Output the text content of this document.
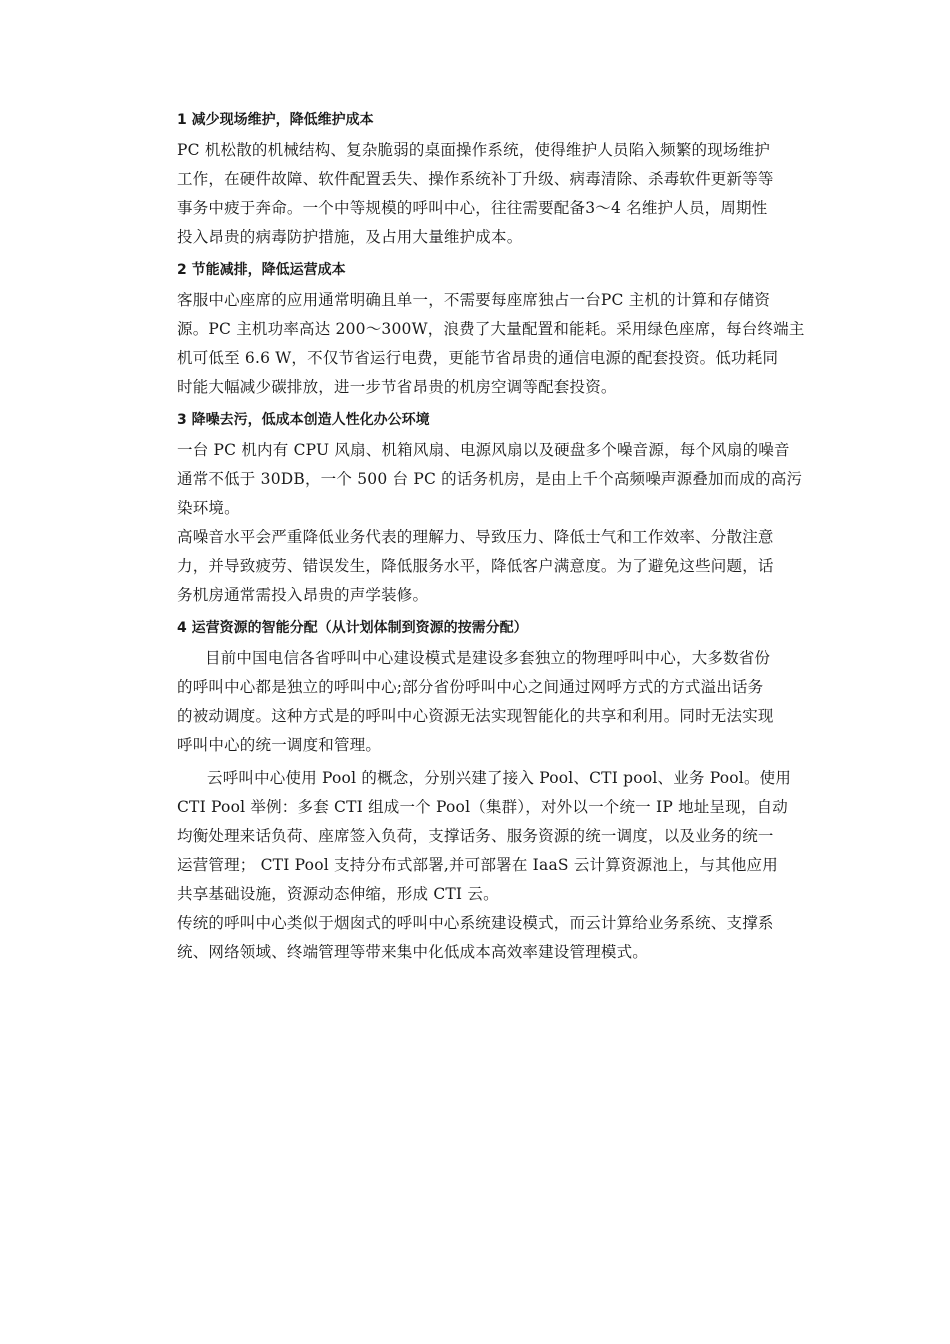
1 减少现场维护，降低维护成本
PC 机松散的机械结构、复杂脆弱的桌面操作系统，使得维护人员陷入频繁的现场维护
工作，在硬件故障、软件配置丢失、操作系统补丁升级、病毒清除、杀毒软件更新等等
事务中疲于奔命。一个中等规模的呼叫中心，往往需要配备3～4 名维护人员，周期性
投入昂贵的病毒防护措施，及占用大量维护成本。
2 节能减排，降低运营成本
客服中心座席的应用通常明确且单一，不需要每座席独占一台PC 主机的计算和存储资
源。PC 主机功率高达 200～300W，浪费了大量配置和能耗。采用绿色座席，每台终端主
机可低至 6.6 W，不仅节省运行电费，更能节省昂贵的通信电源的配套投资。低功耗同
时能大幅减少碳排放，进一步节省昂贵的机房空调等配套投资。
3 降噪去污，低成本创造人性化办公环境
一台 PC 机内有 CPU 风扇、机箱风扇、电源风扇以及硬盘多个噪音源，每个风扇的噪音
通常不低于 30DB，一个 500 台 PC 的话务机房，是由上千个高频噪声源叠加而成的高污
染环境。
高噪音水平会严重降低业务代表的理解力、导致压力、降低士气和工作效率、分散注意
力，并导致疲劳、错误发生，降低服务水平，降低客户满意度。为了避免这些问题，话
务机房通常需投入昂贵的声学装修。
4 运营资源的智能分配（从计划体制到资源的按需分配）
目前中国电信各省呼叫中心建设模式是建设多套独立的物理呼叫中心，大多数省份
的呼叫中心都是独立的呼叫中心;部分省份呼叫中心之间通过网呼方式的方式溢出话务
的被动调度。这种方式是的呼叫中心资源无法实现智能化的共享和利用。同时无法实现
呼叫中心的统一调度和管理。
云呼叫中心使用 Pool 的概念，分别兴建了接入 Pool、CTI pool、业务 Pool。使用
CTI Pool 举例：多套 CTI 组成一个 Pool（集群），对外以一个统一 IP 地址呈现，自动
均衡处理来话负荷、座席签入负荷，支撑话务、服务资源的统一调度，以及业务的统一
运营管理； CTI Pool 支持分布式部署,并可部署在 IaaS 云计算资源池上，与其他应用
共享基础设施，资源动态伸缩，形成 CTI 云。
传统的呼叫中心类似于烟囱式的呼叫中心系统建设模式，而云计算给业务系统、支撑系
统、网络领域、终端管理等带来集中化低成本高效率建设管理模式。
